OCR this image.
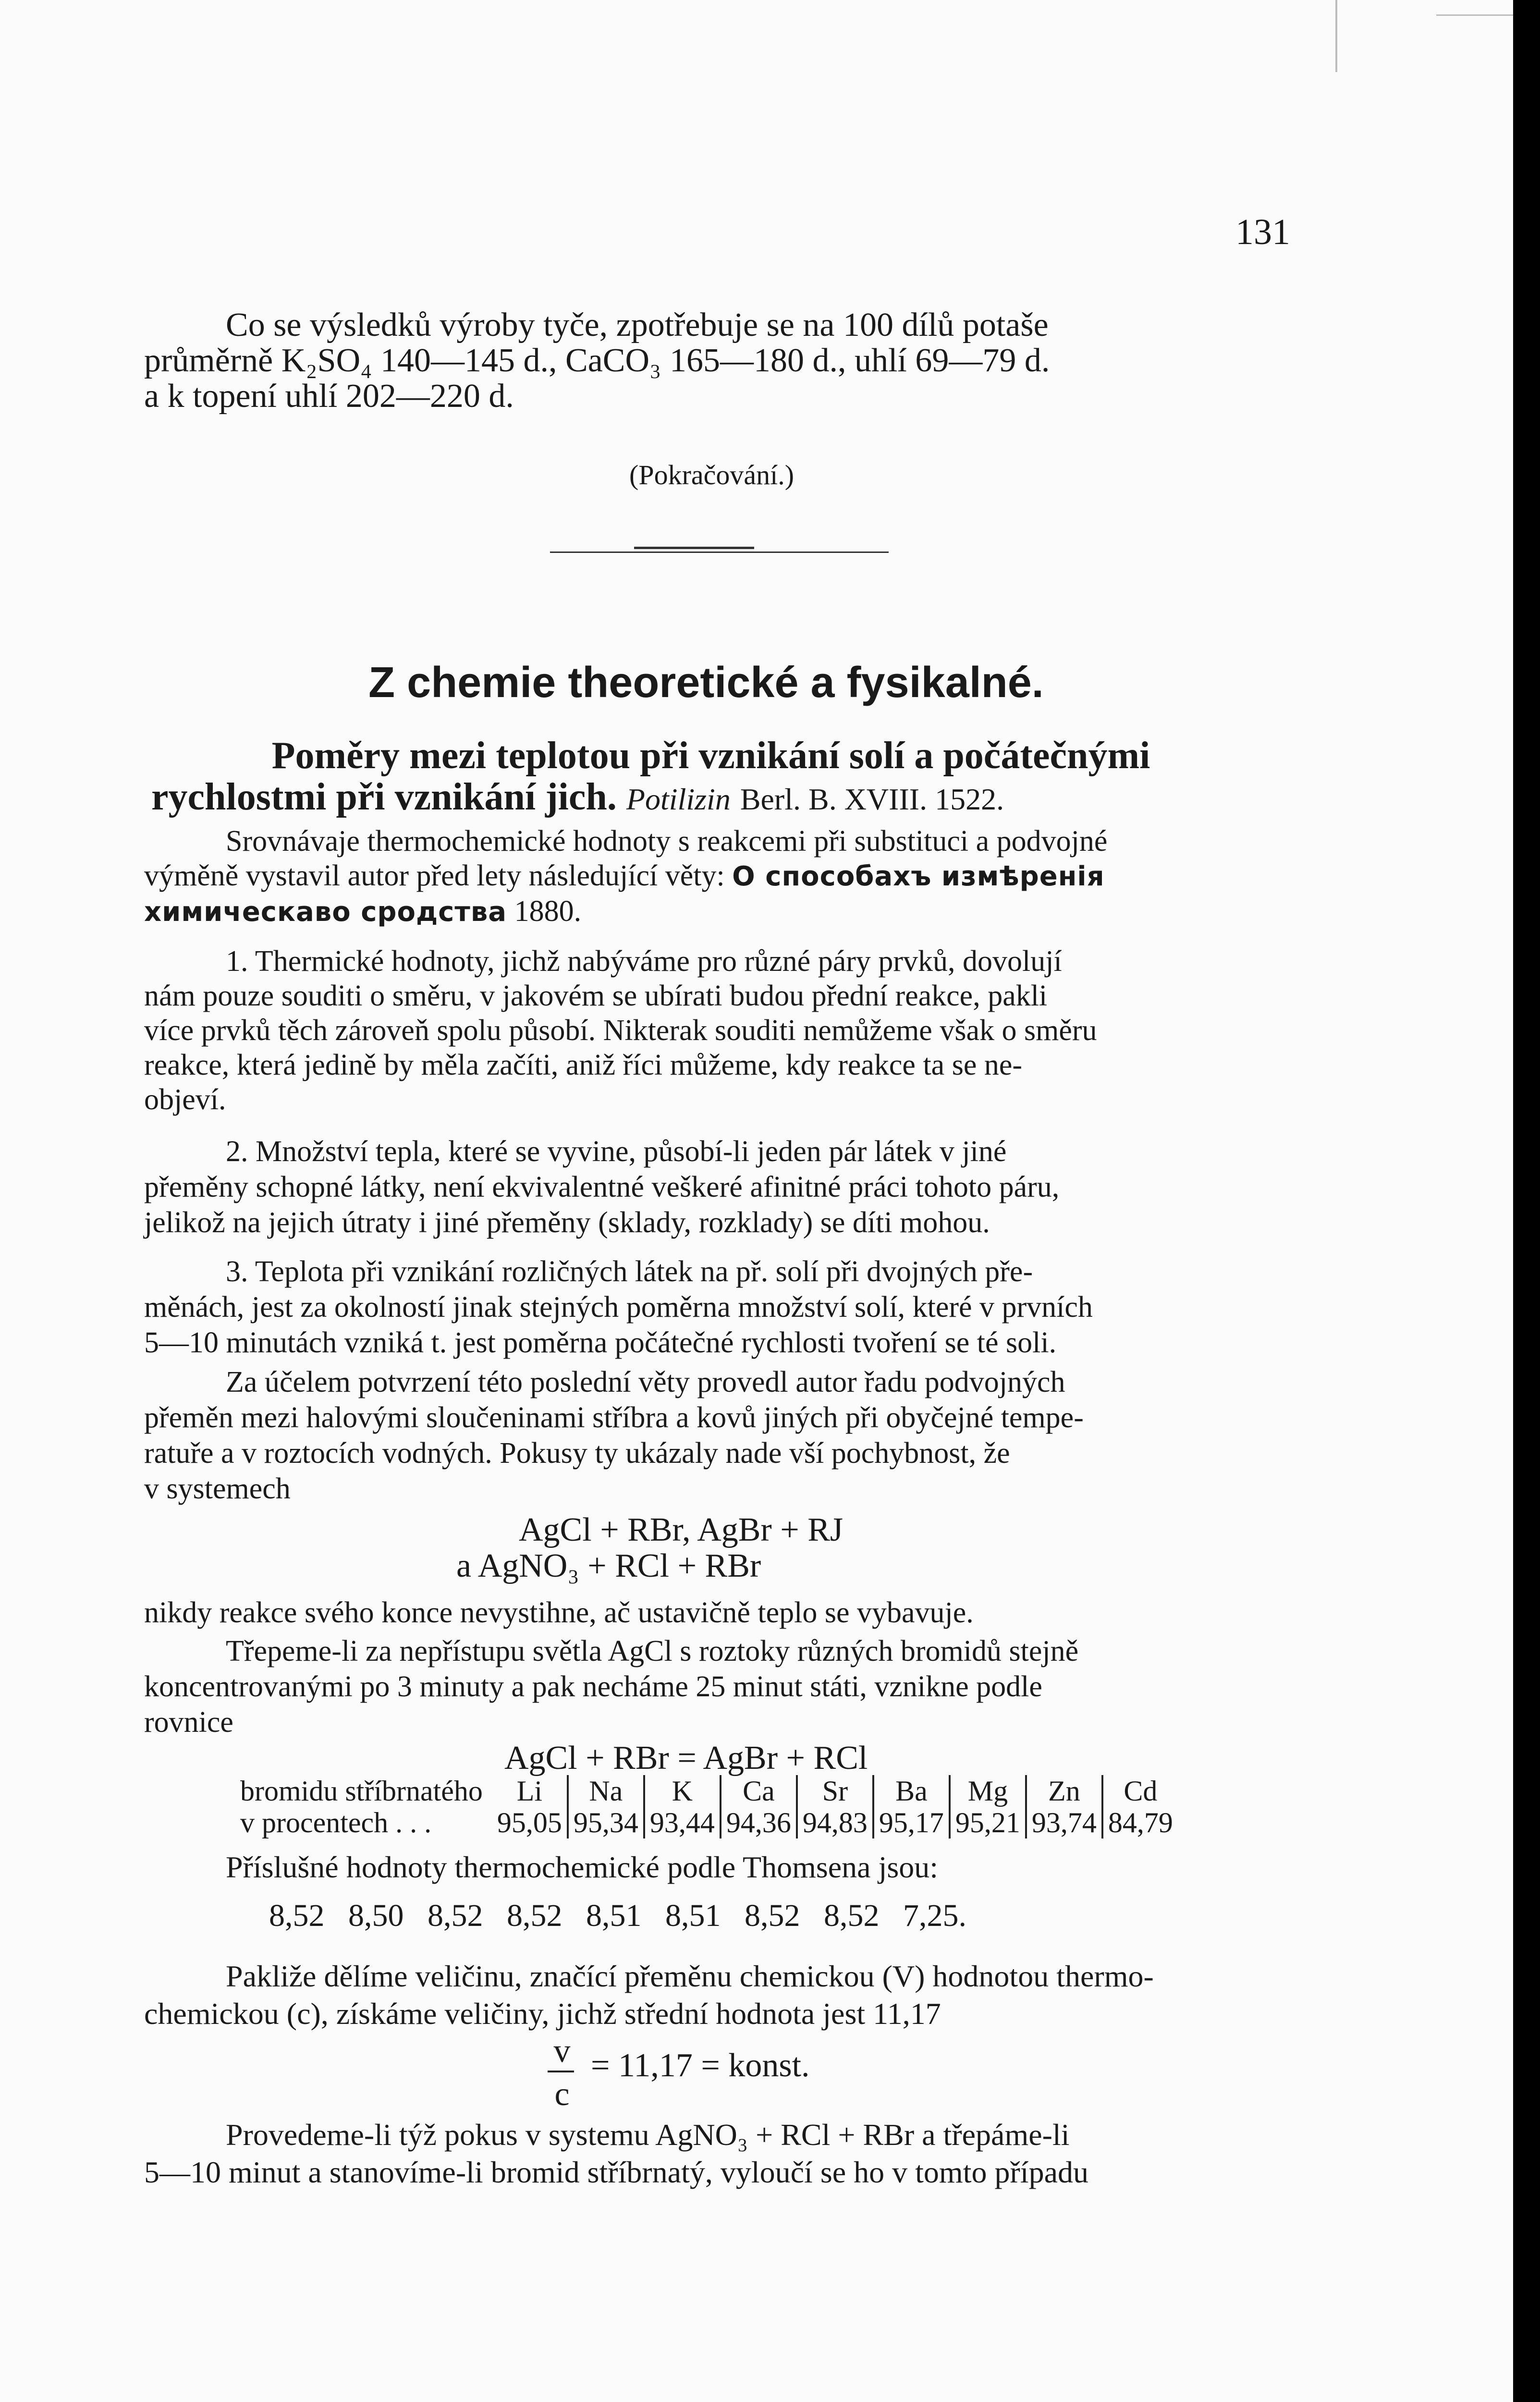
131
Co se výsledků výroby tyče, zpotřebuje se na 100 dílů potaše
průměrně K₂SO₄ 140—145 d., CaCO₃ 165—180 d., uhlí 69—79 d.
a k topení uhlí 202—220 d.
(Pokračování.)
Z chemie theoretické a fysikalné.
Poměry mezi teplotou při vznikání solí a počátečnými
rychlostmi při vznikání jich. Potilizin Berl. B. XVIII. 1522.
Srovnávaje thermochemické hodnoty s reakcemi při substituci a podvojné
výměně vystavil autor před lety následující věty: О способахъ измѣренія
химическаво сродства 1880.
1. Thermické hodnoty, jichž nabýváme pro různé páry prvků, dovolují
nám pouze souditi o směru, v jakovém se ubírati budou přední reakce, pakli
více prvků těch zároveň spolu působí. Nikterak souditi nemůžeme však o směru
reakce, která jedině by měla začíti, aniž říci můžeme, kdy reakce ta se ne-
objeví.
2. Množství tepla, které se vyvine, působí-li jeden pár látek v jiné
přeměny schopné látky, není ekvivalentné veškeré afinitné práci tohoto páru,
jelikož na jejich útraty i jiné přeměny (sklady, rozklady) se díti mohou.
3. Teplota při vznikání rozličných látek na př. solí při dvojných pře-
měnách, jest za okolností jinak stejných poměrna množství solí, které v prvních
5—10 minutách vzniká t. jest poměrna počátečné rychlosti tvoření se té soli.
Za účelem potvrzení této poslední věty provedl autor řadu podvojných
přeměn mezi halovými sloučeninami stříbra a kovů jiných při obyčejné tempe-
ratuře a v roztocích vodných. Pokusy ty ukázaly nade vší pochybnost, že
v systemech
AgCl + RBr, AgBr + RJ
a AgNO₃ + RCl + RBr
nikdy reakce svého konce nevystihne, ač ustavičně teplo se vybavuje.
Třepeme-li za nepřístupu světla AgCl s roztoky různých bromidů stejně
koncentrovanými po 3 minuty a pak necháme 25 minut státi, vznikne podle
rovnice
AgCl + RBr = AgBr + RCl
bromidu stříbrnatého	Li	Na	K	Ca	Sr	Ba	Mg	Zn	Cd
v procentech . . .	95,05	95,34	93,44	94,36	94,83	95,17	95,21	93,74	84,79
Příslušné hodnoty thermochemické podle Thomsena jsou:
8,52   8,50   8,52   8,52   8,51   8,51   8,52   8,52   7,25.
Pakliže dělíme veličinu, značící přeměnu chemickou (V) hodnotou thermo-
chemickou (c), získáme veličiny, jichž střední hodnota jest 11,17
v
c
= 11,17 = konst.
Provedeme-li týž pokus v systemu AgNO₃ + RCl + RBr a třepáme-li
5—10 minut a stanovíme-li bromid stříbrnatý, vyloučí se ho v tomto případu
